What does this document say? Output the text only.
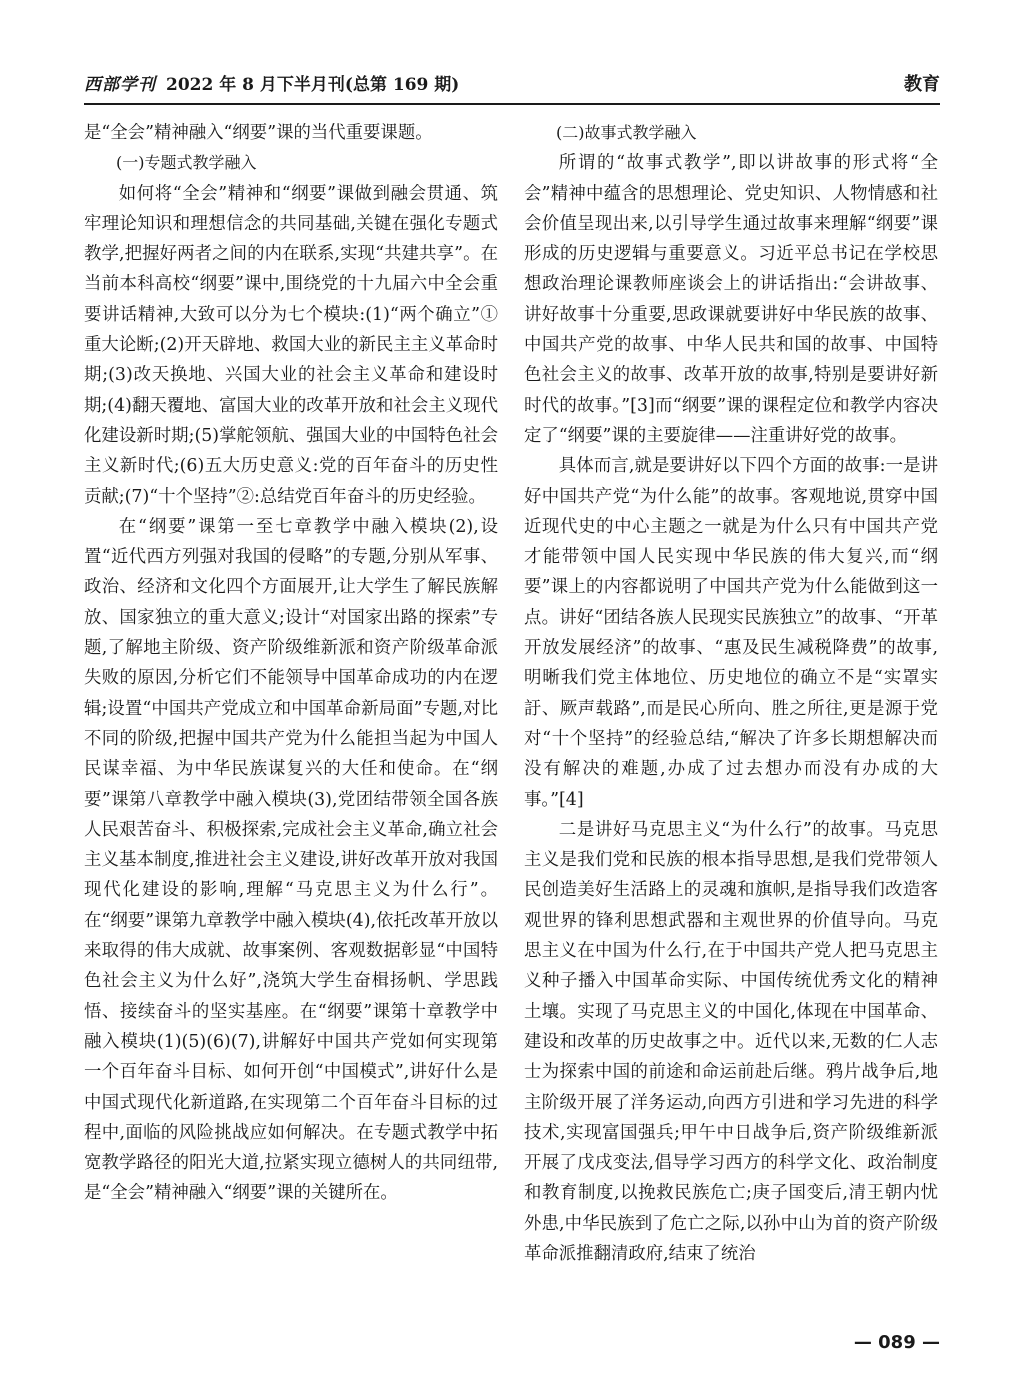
西部学刊 2022 年 8 月下半月刊(总第 169 期)	教育

是“全会”精神融入“纲要”课的当代重要课题。

(一)专题式教学融入

如何将“全会”精神和“纲要”课做到融会贯通、筑牢理论知识和理想信念的共同基础,关键在强化专题式教学,把握好两者之间的内在联系,实现“共建共享”。在当前本科高校“纲要”课中,围绕党的十九届六中全会重要讲话精神,大致可以分为七个模块:(1)“两个确立”①重大论断;(2)开天辟地、救国大业的新民主主义革命时期;(3)改天换地、兴国大业的社会主义革命和建设时期;(4)翻天覆地、富国大业的改革开放和社会主义现代化建设新时期;(5)掌舵领航、强国大业的中国特色社会主义新时代;(6)五大历史意义:党的百年奋斗的历史性贡献;(7)“十个坚持”②:总结党百年奋斗的历史经验。

在“纲要”课第一至七章教学中融入模块(2),设置“近代西方列强对我国的侵略”的专题,分别从军事、政治、经济和文化四个方面展开,让大学生了解民族解放、国家独立的重大意义;设计“对国家出路的探索”专题,了解地主阶级、资产阶级维新派和资产阶级革命派失败的原因,分析它们不能领导中国革命成功的内在逻辑;设置“中国共产党成立和中国革命新局面”专题,对比不同的阶级,把握中国共产党为什么能担当起为中国人民谋幸福、为中华民族谋复兴的大任和使命。在“纲要”课第八章教学中融入模块(3),党团结带领全国各族人民艰苦奋斗、积极探索,完成社会主义革命,确立社会主义基本制度,推进社会主义建设,讲好改革开放对我国现代化建设的影响,理解“马克思主义为什么行”。在“纲要”课第九章教学中融入模块(4),依托改革开放以来取得的伟大成就、故事案例、客观数据彰显“中国特色社会主义为什么好”,浇筑大学生奋楫扬帆、学思践悟、接续奋斗的坚实基座。在“纲要”课第十章教学中融入模块(1)(5)(6)(7),讲解好中国共产党如何实现第一个百年奋斗目标、如何开创“中国模式”,讲好什么是中国式现代化新道路,在实现第二个百年奋斗目标的过程中,面临的风险挑战应如何解决。在专题式教学中拓宽教学路径的阳光大道,拉紧实现立德树人的共同纽带,是“全会”精神融入“纲要”课的关键所在。

(二)故事式教学融入

所谓的“故事式教学”,即以讲故事的形式将“全会”精神中蕴含的思想理论、党史知识、人物情感和社会价值呈现出来,以引导学生通过故事来理解“纲要”课形成的历史逻辑与重要意义。习近平总书记在学校思想政治理论课教师座谈会上的讲话指出:“会讲故事、讲好故事十分重要,思政课就要讲好中华民族的故事、中国共产党的故事、中华人民共和国的故事、中国特色社会主义的故事、改革开放的故事,特别是要讲好新时代的故事。”[3]而“纲要”课的课程定位和教学内容决定了“纲要”课的主要旋律——注重讲好党的故事。

具体而言,就是要讲好以下四个方面的故事:一是讲好中国共产党“为什么能”的故事。客观地说,贯穿中国近现代史的中心主题之一就是为什么只有中国共产党才能带领中国人民实现中华民族的伟大复兴,而“纲要”课上的内容都说明了中国共产党为什么能做到这一点。讲好“团结各族人民现实民族独立”的故事、“开革开放发展经济”的故事、“惠及民生减税降费”的故事,明晰我们党主体地位、历史地位的确立不是“实罩实訏、厥声载路”,而是民心所向、胜之所往,更是源于党对“十个坚持”的经验总结,“解决了许多长期想解决而没有解决的难题,办成了过去想办而没有办成的大事。”[4]

二是讲好马克思主义“为什么行”的故事。马克思主义是我们党和民族的根本指导思想,是我们党带领人民创造美好生活路上的灵魂和旗帜,是指导我们改造客观世界的锋利思想武器和主观世界的价值导向。马克思主义在中国为什么行,在于中国共产党人把马克思主义种子播入中国革命实际、中国传统优秀文化的精神土壤。实现了马克思主义的中国化,体现在中国革命、建设和改革的历史故事之中。近代以来,无数的仁人志士为探索中国的前途和命运前赴后继。鸦片战争后,地主阶级开展了洋务运动,向西方引进和学习先进的科学技术,实现富国强兵;甲午中日战争后,资产阶级维新派开展了戊戌变法,倡导学习西方的科学文化、政治制度和教育制度,以挽救民族危亡;庚子国变后,清王朝内忧外患,中华民族到了危亡之际,以孙中山为首的资产阶级革命派推翻清政府,结束了统治

— 089 —
